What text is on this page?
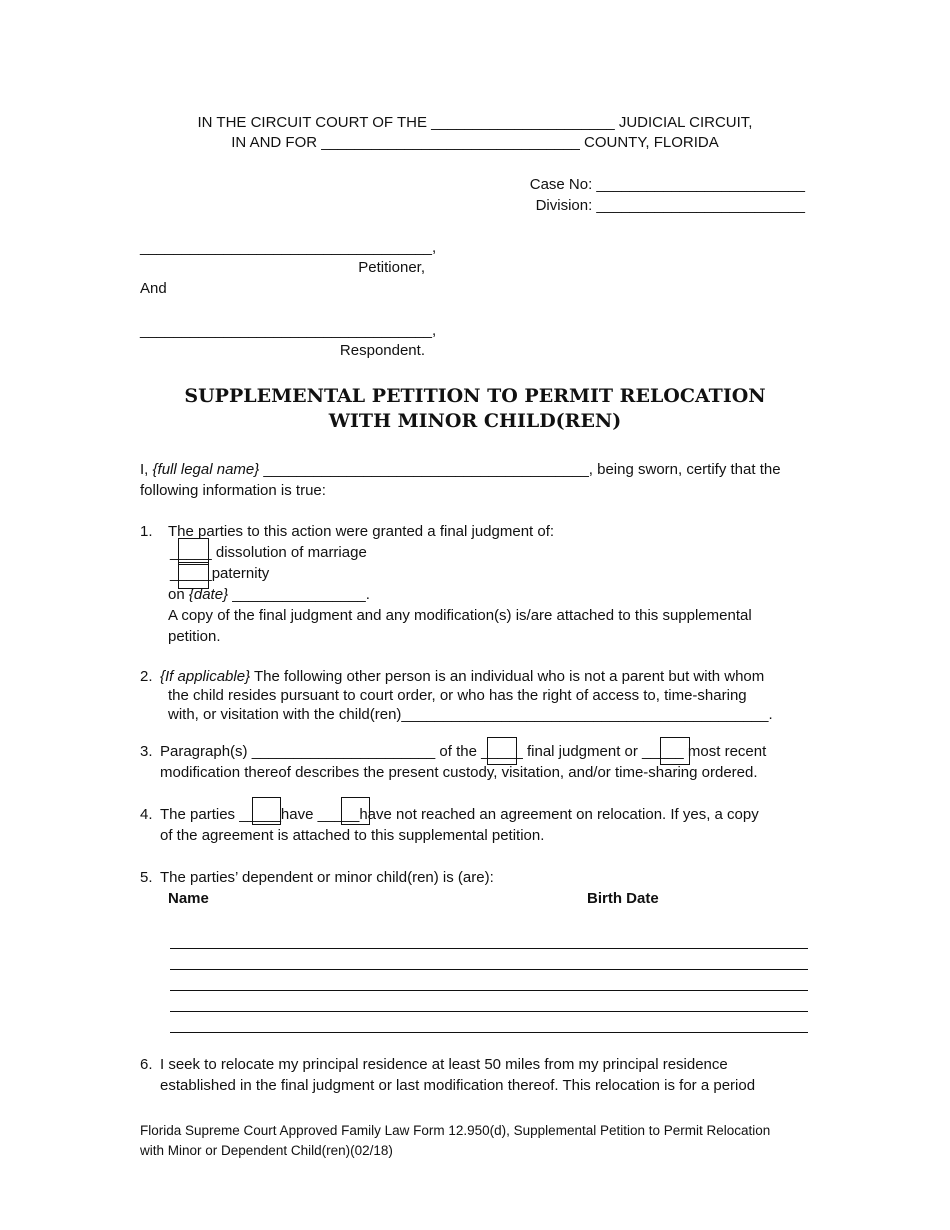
IN THE CIRCUIT COURT OF THE ______________________ JUDICIAL CIRCUIT,
IN AND FOR _______________________________ COUNTY, FLORIDA
Case No: _________________________
Division: _________________________
___________________________________,
Petitioner,
And
___________________________________,
Respondent.
SUPPLEMENTAL PETITION TO PERMIT RELOCATION
WITH MINOR CHILD(REN)
I, {full legal name} _______________________________________, being sworn, certify that the
following information is true:
1. The parties to this action were granted a final judgment of:
_____ dissolution of marriage
_____paternity
on {date} ________________.
A copy of the final judgment and any modification(s) is/are attached to this supplemental
petition.
2. {If applicable} The following other person is an individual who is not a parent but with whom
the child resides pursuant to court order, or who has the right of access to, time-sharing
with, or visitation with the child(ren)____________________________________________.
3. Paragraph(s) ______________________ of the _____ final judgment or _____ most recent
modification thereof describes the present custody, visitation, and/or time-sharing ordered.
4. The parties _____have _____have not reached an agreement on relocation. If yes, a copy
of the agreement is attached to this supplemental petition.
5. The parties’ dependent or minor child(ren) is (are):
Name	Birth Date
6. I seek to relocate my principal residence at least 50 miles from my principal residence
established in the final judgment or last modification thereof. This relocation is for a period
Florida Supreme Court Approved Family Law Form 12.950(d), Supplemental Petition to Permit Relocation
with Minor or Dependent Child(ren)(02/18)
